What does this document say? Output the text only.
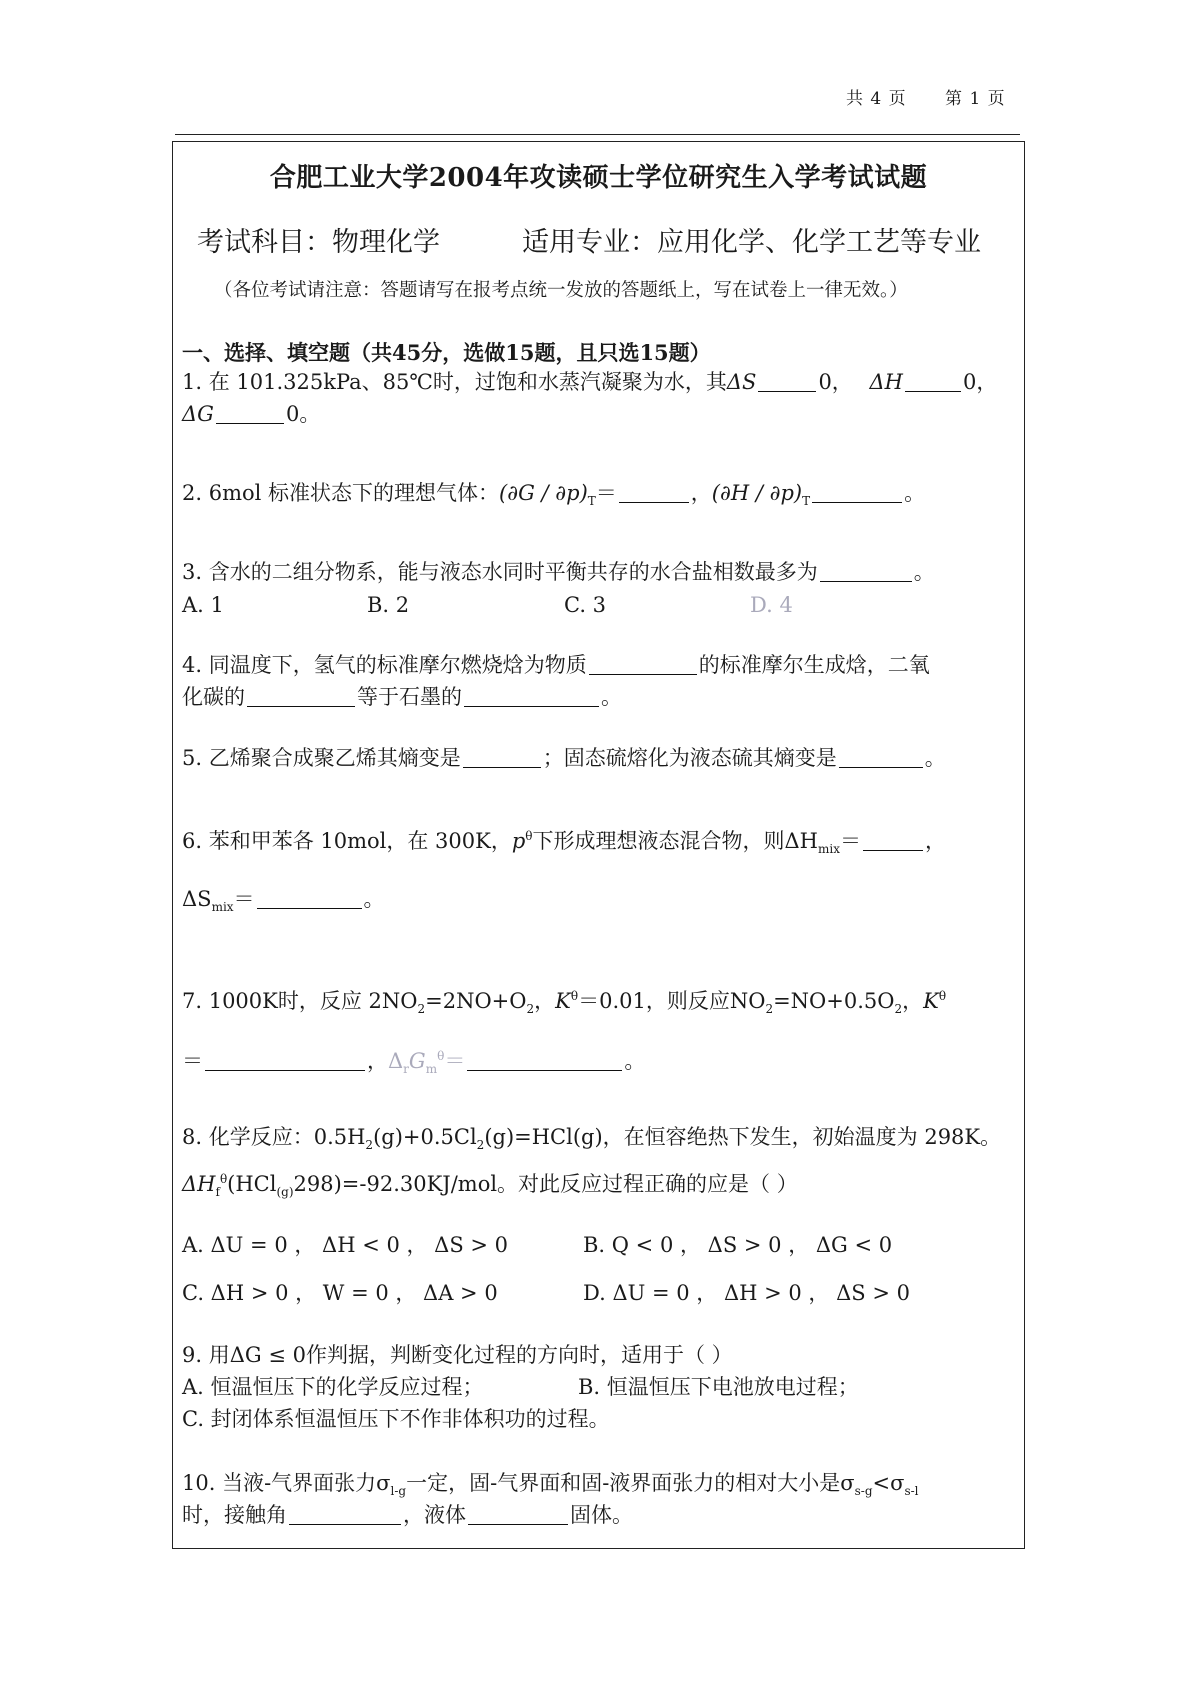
共 4 页      第 1 页
合肥工业大学2004年攻读硕士学位研究生入学考试试题
考试科目：物理化学	适用专业：应用化学、化学工艺等专业
（各位考试请注意：答题请写在报考点统一发放的答题纸上，写在试卷上一律无效。）
一、选择、填空题（共45分，选做15题，且只选15题）
1. 在 101.325kPa、85℃时，过饱和水蒸汽凝聚为水，其ΔS	0， ΔH	0，
ΔG	0。
2. 6mol 标准状态下的理想气体：$(\partial G / \partial p)_T=$	，$(\partial H / \partial p)_T$	。
3. 含水的二组分物系，能与液态水同时平衡共存的水合盐相数最多为	。
A. 1	B. 2	C. 3	D. 4
4. 同温度下，氢气的标准摩尔燃烧焓为物质	的标准摩尔生成焓，二氧
化碳的	等于石墨的	。
5. 乙烯聚合成聚乙烯其熵变是	；固态硫熔化为液态硫其熵变是	。
6. 苯和甲苯各 10mol，在 300K，$p^\theta$下形成理想液态混合物，则$\Delta H_{mix}=$	，
$\Delta S_{mix}=$	。
7. 1000K时，反应 $2NO_2=2NO+O_2$，$K^\theta=0.01$，则反应$NO_2=NO+0.5O_2$，$K^\theta$
＝	，$\Delta_rG_m^\theta=$	。
8. 化学反应：$0.5H_2(g)+0.5Cl_2(g)=HCl(g)$，在恒容绝热下发生，初始温度为 298K。
$\Delta H_f^\theta(HCl_{(g)}298)=-92.30KJ$/mol。对此反应过程正确的应是（ ）
A. ΔU = 0 ， ΔH < 0 ， ΔS > 0	B. Q < 0 ， ΔS > 0 ， ΔG < 0
C. ΔH > 0 ， W = 0 ， ΔA > 0	D. ΔU = 0 ， ΔH > 0 ， ΔS > 0
9. 用ΔG ≤ 0作判据，判断变化过程的方向时，适用于（ ）
A. 恒温恒压下的化学反应过程；	B. 恒温恒压下电池放电过程；
C. 封闭体系恒温恒压下不作非体积功的过程。
10. 当液-气界面张力$\sigma_{l-g}$一定，固-气界面和固-液界面张力的相对大小是$\sigma_{s-g}<\sigma_{s-l}$
时，接触角	，液体	固体。
